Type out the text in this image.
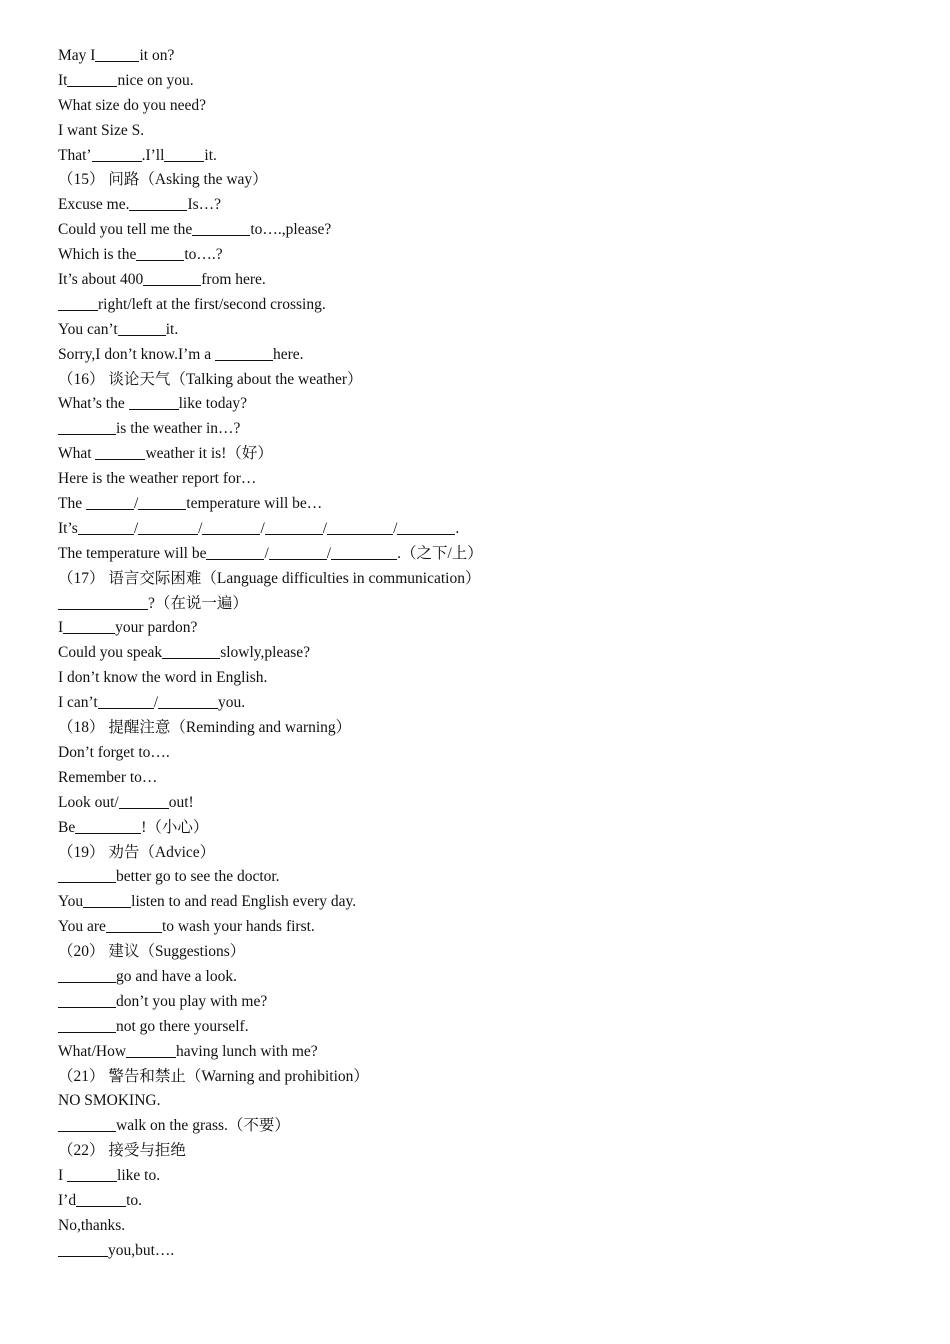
May I	it on?
It	nice on you.
What size do you need?
I want Size S.
That’	.I’ll	it.
（15） 问路（Asking the way）
Excuse me.	Is…?
Could you tell me the	to….,please?
Which is the	to….?
It’s about 400	from here.
right/left at the first/second crossing.
You can’t	it.
Sorry,I don’t know.I’m a	here.
（16） 谈论天气（Talking about the weather）
What’s the	like today?
is the weather in…?
What	weather it is!（好）
Here is the weather report for…
The	/	temperature will be…
It’s	/	/	/	/	/	.
The temperature will be	/	/	.（之下/上）
（17） 语言交际困难（Language difficulties in communication）
?（在说一遍）
I	your pardon?
Could you speak	slowly,please?
I don’t know the word in English.
I can’t	/	you.
（18） 提醒注意（Reminding and warning）
Don’t forget to….
Remember to…
Look out/	out!
Be	!（小心）
（19） 劝告（Advice）
better go to see the doctor.
You	listen to and read English every day.
You are	to wash your hands first.
（20） 建议（Suggestions）
go and have a look.
don’t you play with me?
not go there yourself.
What/How	having lunch with me?
（21） 警告和禁止（Warning and prohibition）
NO SMOKING.
walk on the grass.（不要）
（22） 接受与拒绝
I	like to.
I’d	to.
No,thanks.
you,but….
